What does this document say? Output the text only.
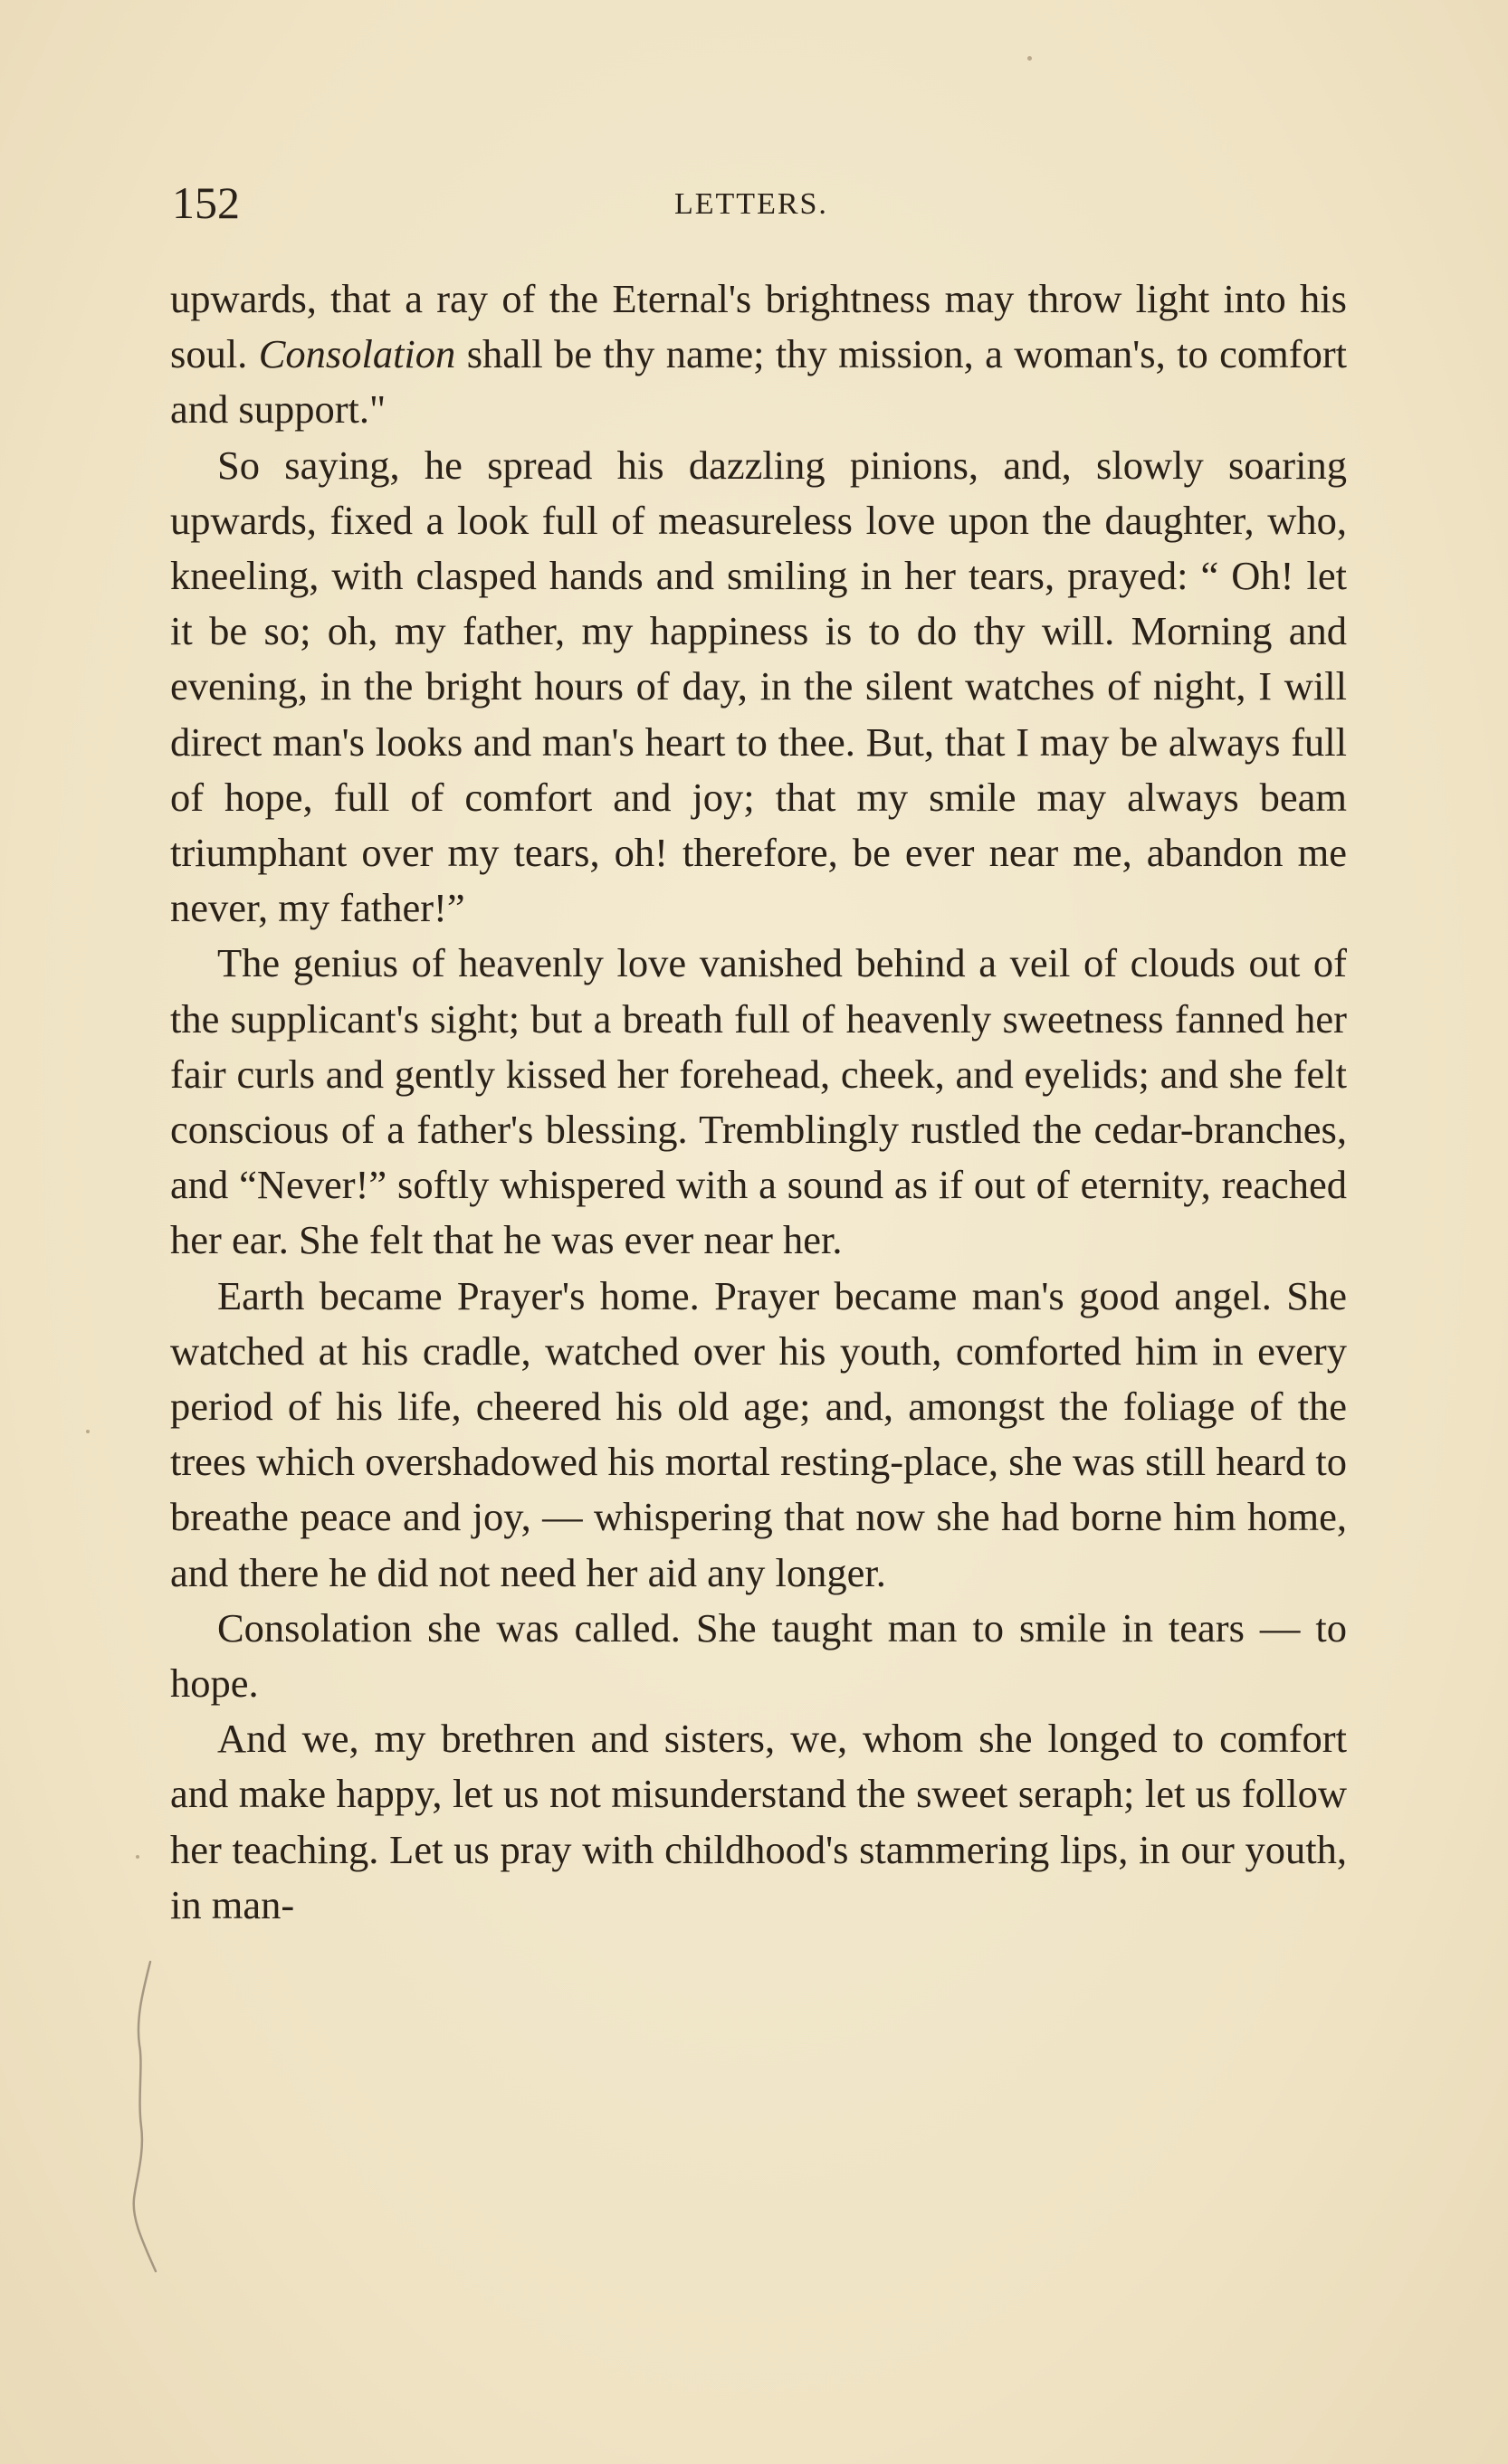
152	LETTERS.

upwards, that a ray of the Eternal's brightness may throw light into his soul. Consolation shall be thy name; thy mission, a woman's, to comfort and support."

So saying, he spread his dazzling pinions, and, slowly soaring upwards, fixed a look full of measureless love upon the daughter, who, kneeling, with clasped hands and smiling in her tears, prayed: “ Oh! let it be so; oh, my father, my happiness is to do thy will. Morning and evening, in the bright hours of day, in the silent watches of night, I will direct man's looks and man's heart to thee. But, that I may be always full of hope, full of comfort and joy; that my smile may always beam triumphant over my tears, oh! therefore, be ever near me, abandon me never, my father!”

The genius of heavenly love vanished behind a veil of clouds out of the supplicant's sight; but a breath full of heavenly sweetness fanned her fair curls and gently kissed her forehead, cheek, and eyelids; and she felt conscious of a father's blessing. Tremblingly rustled the cedar-branches, and “Never!” softly whispered with a sound as if out of eternity, reached her ear. She felt that he was ever near her.

Earth became Prayer's home. Prayer became man's good angel. She watched at his cradle, watched over his youth, comforted him in every period of his life, cheered his old age; and, amongst the foliage of the trees which overshadowed his mortal resting-place, she was still heard to breathe peace and joy, — whispering that now she had borne him home, and there he did not need her aid any longer.

Consolation she was called. She taught man to smile in tears — to hope.

And we, my brethren and sisters, we, whom she longed to comfort and make happy, let us not misunderstand the sweet seraph; let us follow her teaching. Let us pray with childhood's stammering lips, in our youth, in man-
